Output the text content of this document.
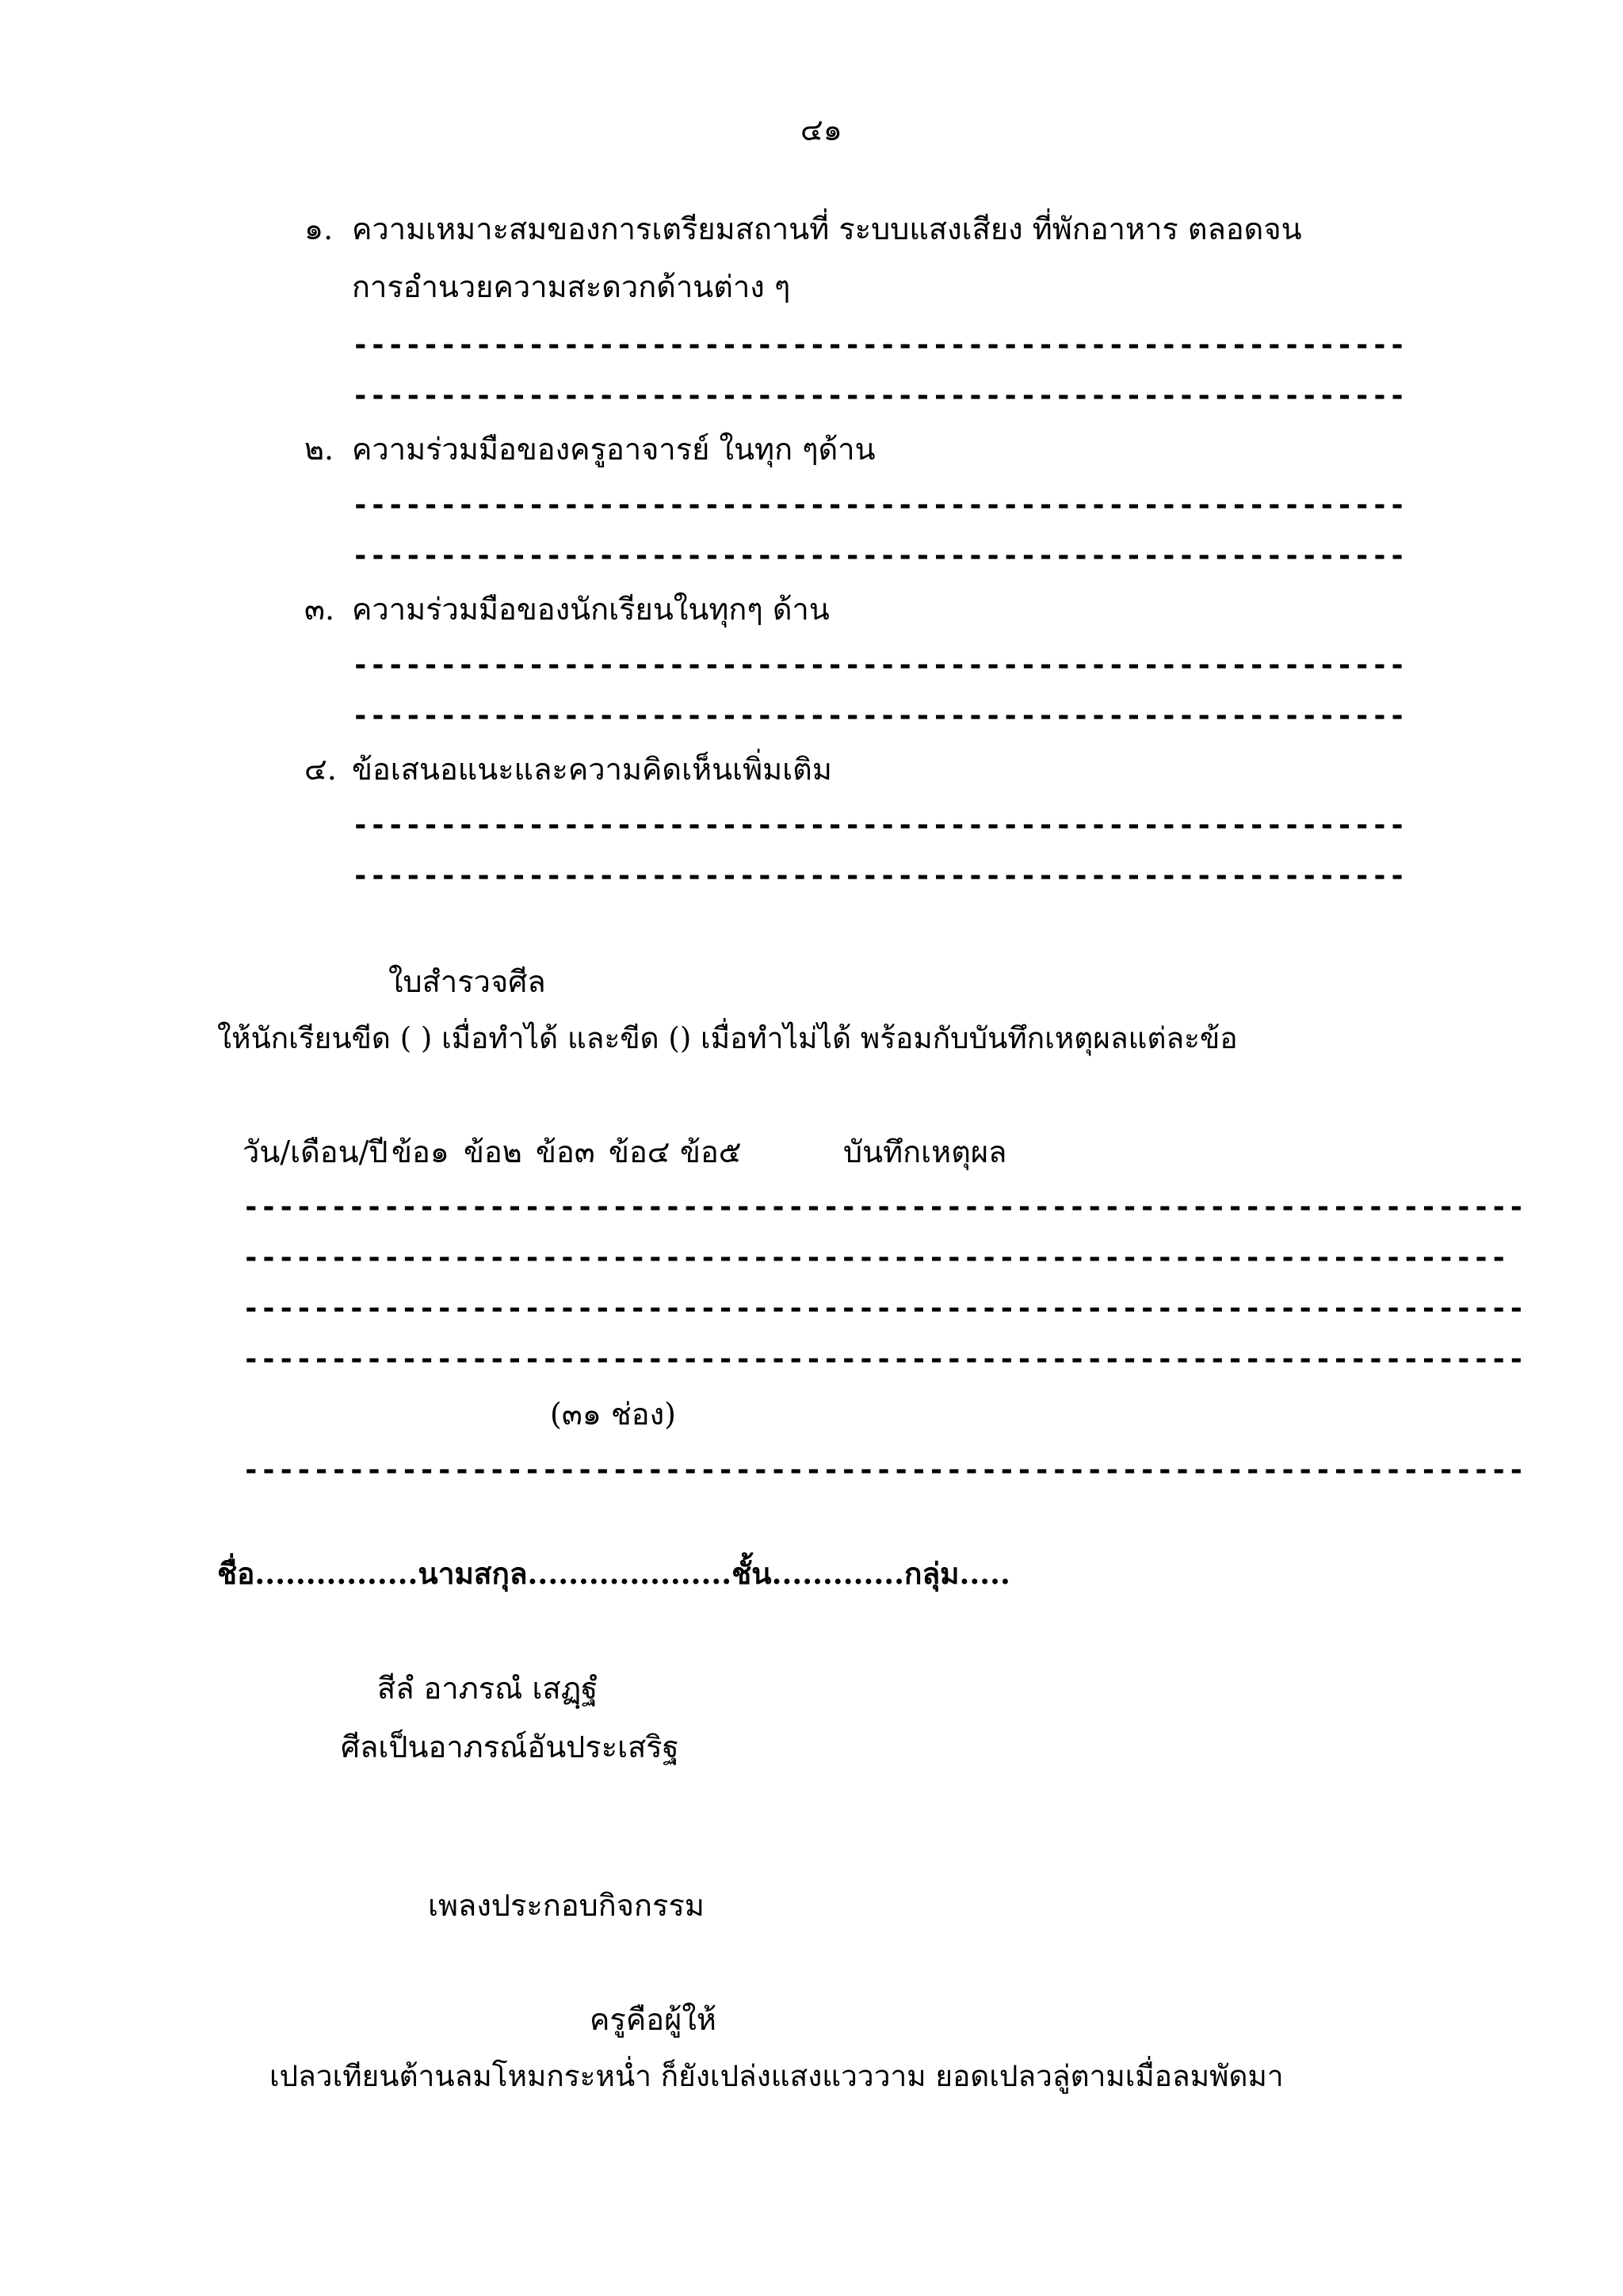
๔๑
๑. ความเหมาะสมของการเตรียมสถานที่ ระบบแสงเสียง ที่พักอาหาร ตลอดจน
การอำนวยความสะดวกด้านต่าง ๆ
------------------------------------------------------------
------------------------------------------------------------
๒. ความร่วมมือของครูอาจารย์ ในทุก ๆด้าน
------------------------------------------------------------
------------------------------------------------------------
๓. ความร่วมมือของนักเรียนในทุกๆ ด้าน
------------------------------------------------------------
------------------------------------------------------------
๔. ข้อเสนอแนะและความคิดเห็นเพิ่มเติม
------------------------------------------------------------
------------------------------------------------------------
ใบสำรวจศีล
ให้นักเรียนขีด ( ) เมื่อทำได้ และขีด () เมื่อทำไม่ได้ พร้อมกับบันทึกเหตุผลแต่ละข้อ
วัน/เดือน/ปี ข้อ๑ ข้อ๒ ข้อ๓ ข้อ๔ ข้อ๕	บันทึกเหตุผล
-------------------------------------------------------------------------
------------------------------------------------------------------------
-------------------------------------------------------------------------
-------------------------------------------------------------------------
(๓๑ ช่อง)
-------------------------------------------------------------------------
ชื่อ................นามสกุล....................ชั้น.............กลุ่ม.....
สีลํ อาภรณํ เสฏฺฐํ
ศีลเป็นอาภรณ์อันประเสริฐ
เพลงประกอบกิจกรรม
ครูคือผู้ให้
เปลวเทียนต้านลมโหมกระหน่ำ ก็ยังเปล่งแสงแวววาม ยอดเปลวลู่ตามเมื่อลมพัดมา
